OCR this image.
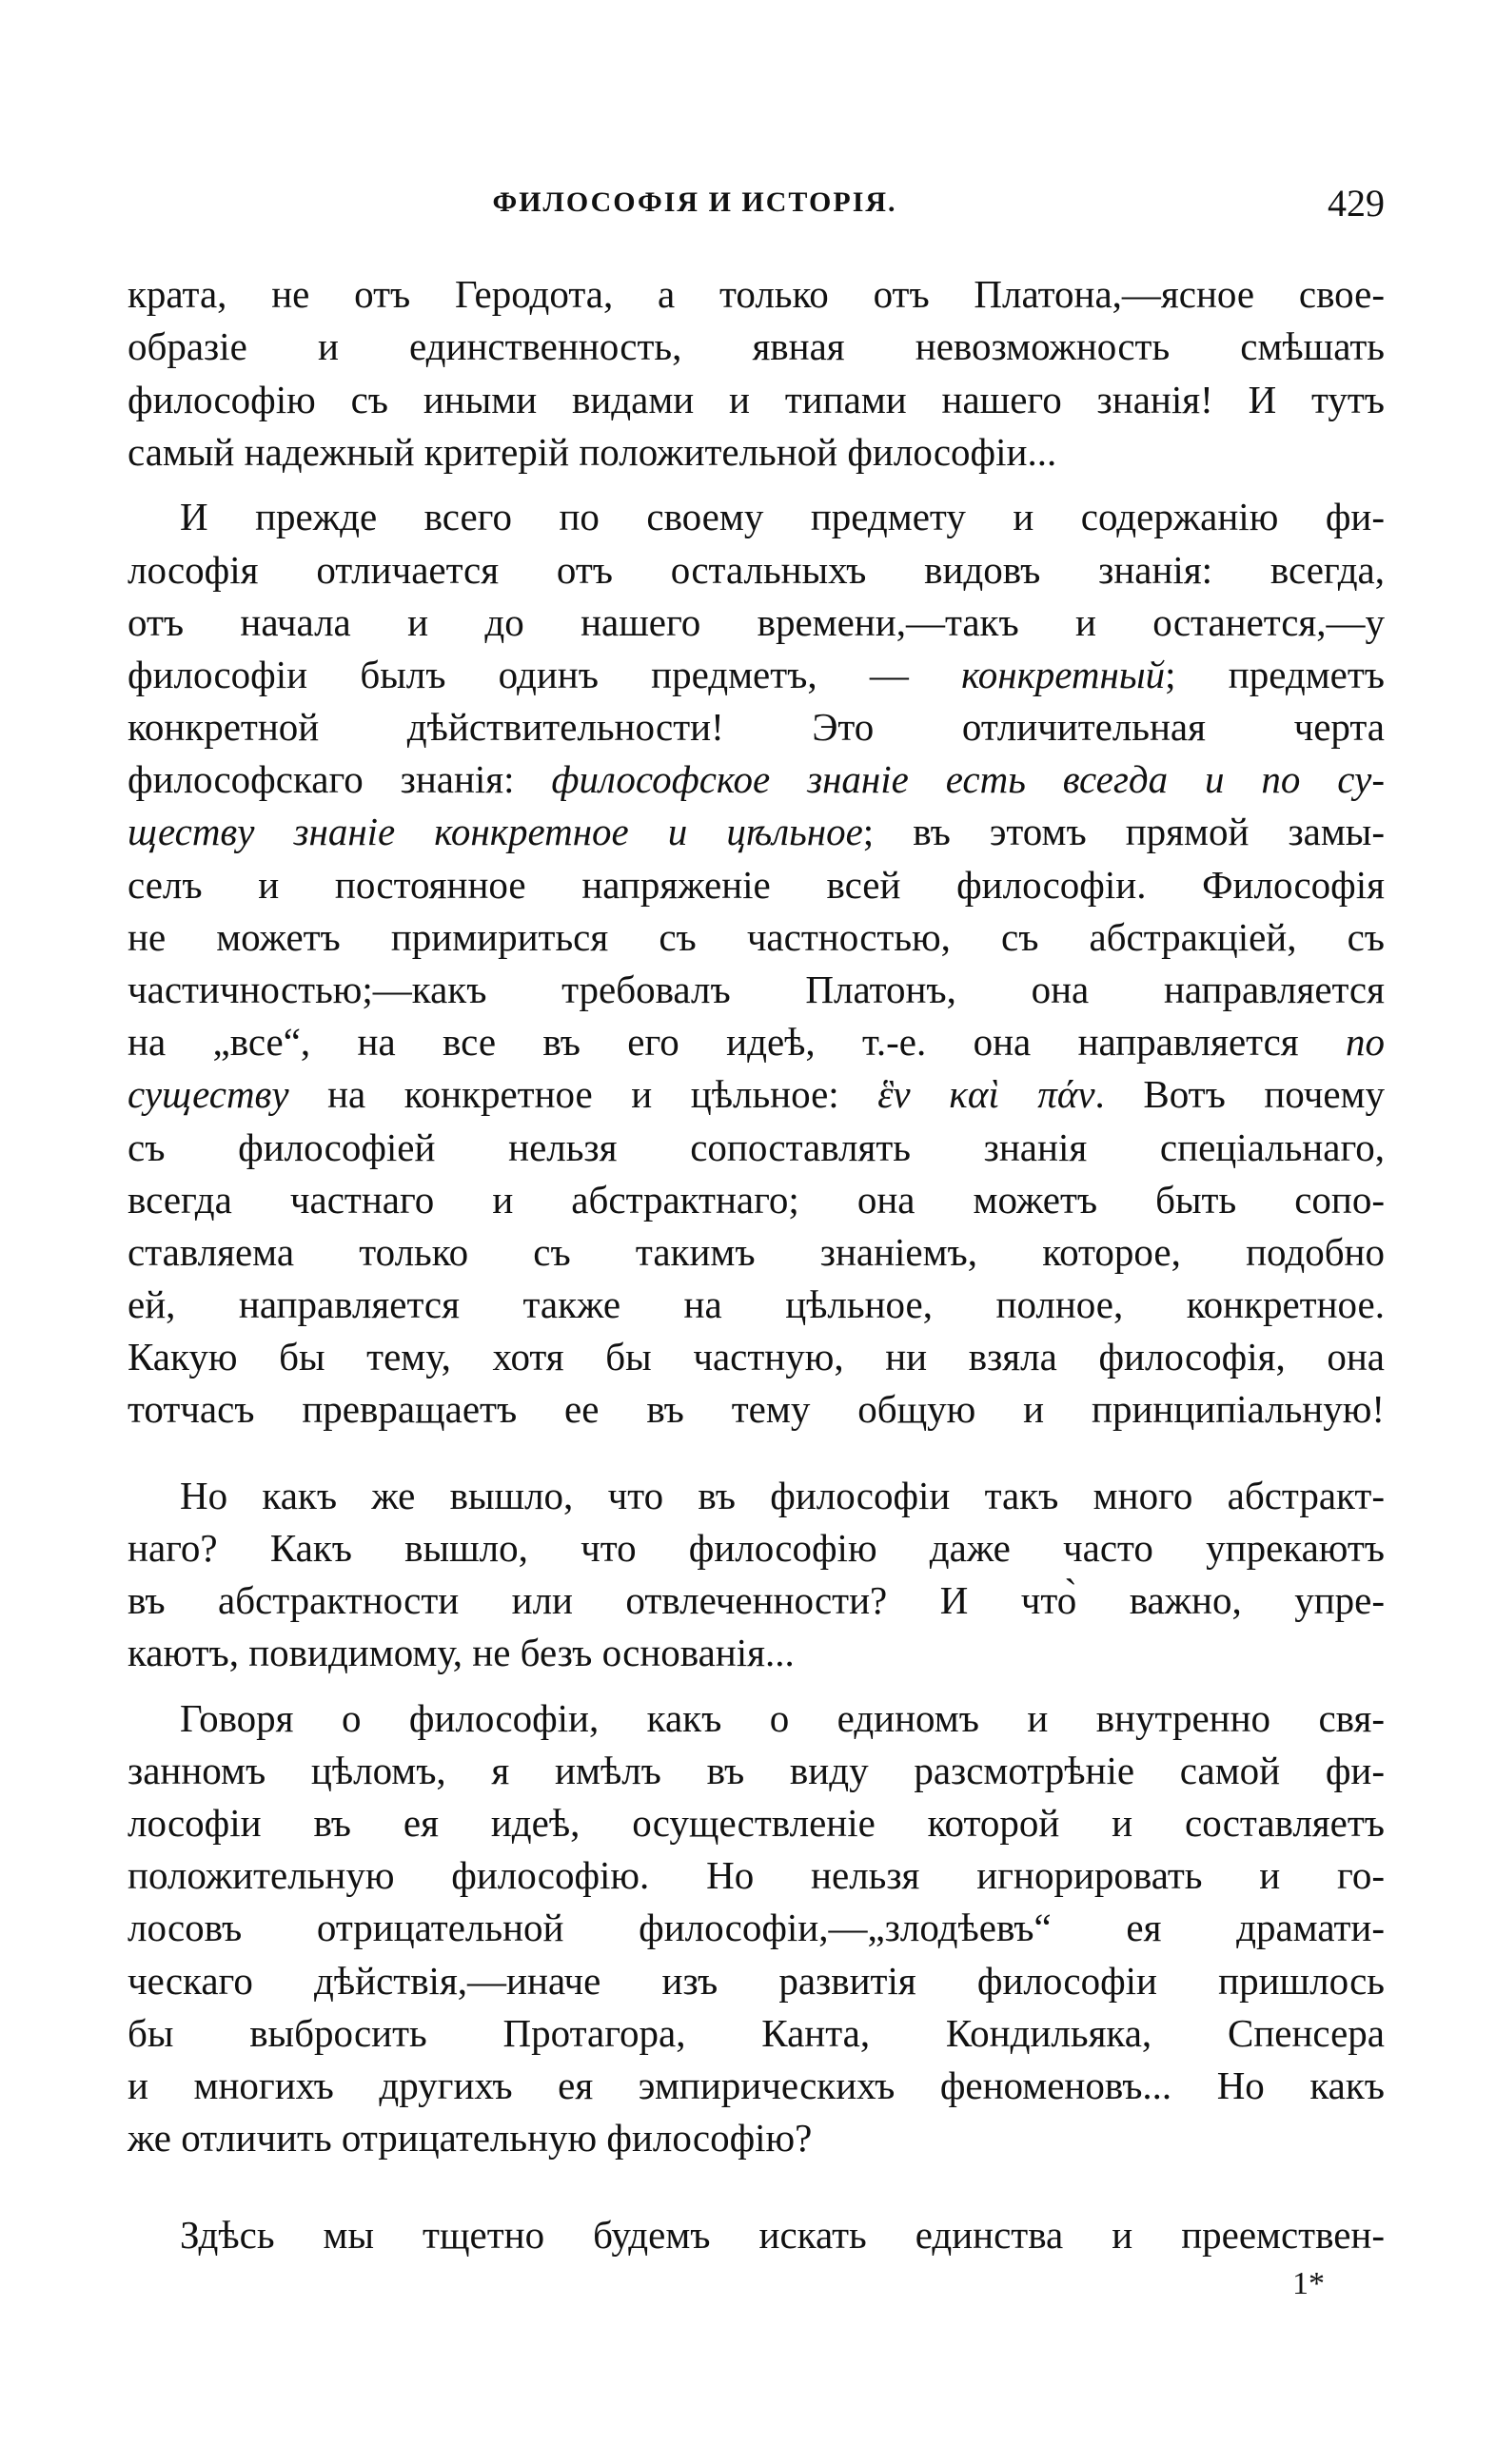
ФИЛОСОФІЯ И ИСТОРІЯ.	429
крата, не отъ Геродота, а только отъ Платона,—ясное свое-
образіе и единственность, явная невозможность смѣшать
философію съ иными видами и типами нашего знанія! И тутъ
самый надежный критерій положительной философіи...
И прежде всего по своему предмету и содержанію фи-
лософія отличается отъ остальныхъ видовъ знанія: всегда,
отъ начала и до нашего времени,—такъ и останется,—у
философіи былъ одинъ предметъ, — конкретный; предметъ
конкретной дѣйствительности! Это отличительная черта
философскаго знанія: философское знаніе есть всегда и по су-
ществу знаніе конкретное и цѣльное; въ этомъ прямой замы-
селъ и постоянное напряженіе всей философіи. Философія
не можетъ примириться съ частностью, съ абстракціей, съ
частичностью;—какъ требовалъ Платонъ, она направляется
на „все“, на все въ его идеѣ, т.-е. она направляется по
существу на конкретное и цѣльное: ἓν καὶ πάν. Вотъ почему
съ философіей нельзя сопоставлять знанія спеціальнаго,
всегда частнаго и абстрактнаго; она можетъ быть сопо-
ставляема только съ такимъ знаніемъ, которое, подобно
ей, направляется также на цѣльное, полное, конкретное.
Какую бы тему, хотя бы частную, ни взяла философія, она
тотчасъ превращаетъ ее въ тему общую и принципіальную!
Но какъ же вышло, что въ философіи такъ много абстракт-
наго? Какъ вышло, что философію даже часто упрекаютъ
въ абстрактности или отвлеченности? И что̀ важно, упре-
каютъ, повидимому, не безъ основанія...
Говоря о философіи, какъ о единомъ и внутренно свя-
занномъ цѣломъ, я имѣлъ въ виду разсмотрѣніе самой фи-
лософіи въ ея идеѣ, осуществленіе которой и составляетъ
положительную философію. Но нельзя игнорировать и го-
лосовъ отрицательной философіи,—„злодѣевъ“ ея драмати-
ческаго дѣйствія,—иначе изъ развитія философіи пришлось
бы выбросить Протагора, Канта, Кондильяка, Спенсера
и многихъ другихъ ея эмпирическихъ феноменовъ... Но какъ
же отличить отрицательную философію?
Здѣсь мы тщетно будемъ искать единства и преемствен-
1*
